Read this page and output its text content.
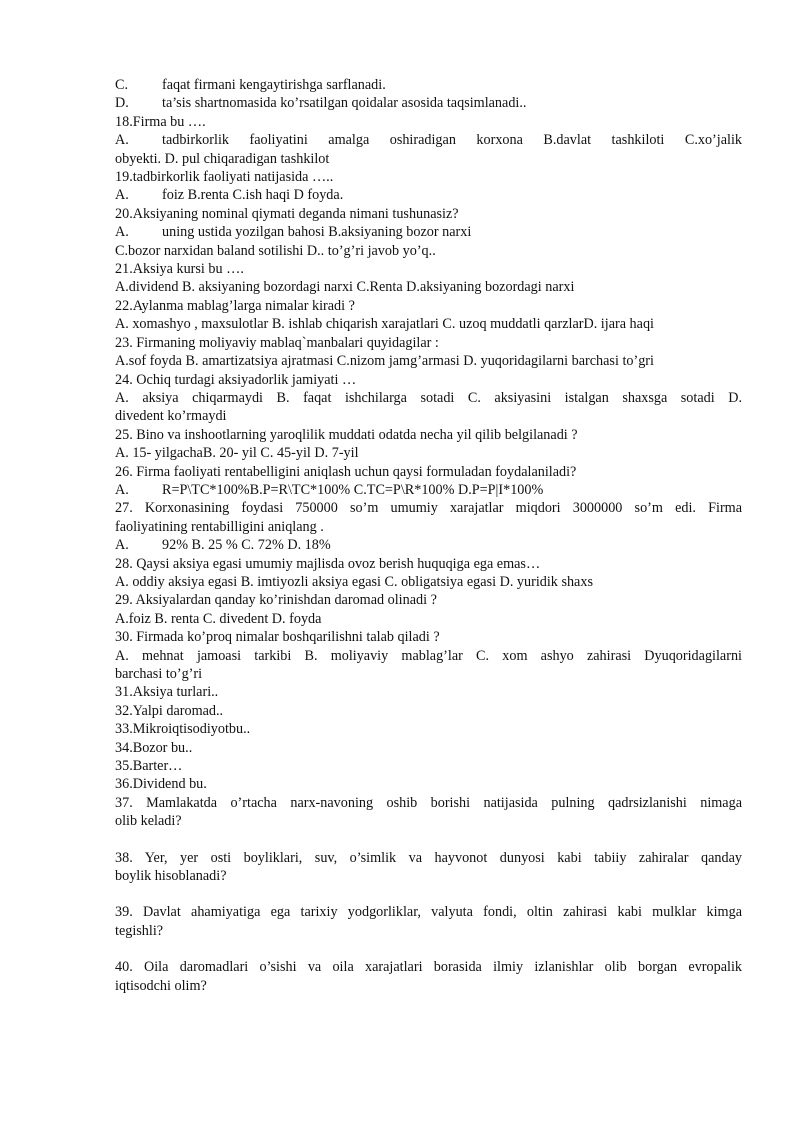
C.	faqat firmani kengaytirishga sarflanadi.
D.	ta’sis shartnomasida ko’rsatilgan qoidalar asosida taqsimlanadi..
18.Firma bu ….
A.	tadbirkorlik faoliyatini amalga oshiradigan korxona B.davlat tashkiloti C.xo’jalik
obyekti. D. pul chiqaradigan tashkilot
19.tadbirkorlik faoliyati natijasida …..
A.	foiz B.renta C.ish haqi D foyda.
20.Aksiyaning nominal qiymati deganda nimani tushunasiz?
A.	uning ustida yozilgan bahosi B.aksiyaning bozor narxi
C.bozor narxidan baland sotilishi D.. to’g’ri javob yo’q..
21.Aksiya kursi bu ….
A.dividend B. aksiyaning bozordagi narxi C.Renta D.aksiyaning bozordagi narxi
22.Aylanma mablag’larga nimalar kiradi ?
A. xomashyo , maxsulotlar B. ishlab chiqarish xarajatlari C. uzoq muddatli qarzlarD. ijara haqi
23. Firmaning moliyaviy mablaq`manbalari quyidagilar :
A.sof foyda B. amartizatsiya ajratmasi C.nizom jamg’armasi D. yuqoridagilarni barchasi to’gri
24. Ochiq turdagi aksiyadorlik jamiyati …
A. aksiya chiqarmaydi B. faqat ishchilarga sotadi C. aksiyasini istalgan shaxsga sotadi D.
divedent ko’rmaydi
25. Bino va inshootlarning yaroqlilik muddati odatda necha yil qilib belgilanadi ?
A. 15- yilgachaB. 20- yil C. 45-yil D. 7-yil
26. Firma faoliyati rentabelligini aniqlash uchun qaysi formuladan foydalaniladi?
A.	R=P\TC*100%B.P=R\TC*100% C.TC=P\R*100% D.P=P|I*100%
27. Korxonasining foydasi 750000 so’m umumiy xarajatlar miqdori 3000000 so’m edi. Firma
faoliyatining rentabilligini aniqlang .
A.	92% B. 25 % C. 72% D. 18%
28. Qaysi aksiya egasi umumiy majlisda ovoz berish huquqiga ega emas…
A. oddiy aksiya egasi B. imtiyozli aksiya egasi C. obligatsiya egasi D. yuridik shaxs
29. Aksiyalardan qanday ko’rinishdan daromad olinadi ?
A.foiz B. renta C. divedent D. foyda
30. Firmada ko’proq nimalar boshqarilishni talab qiladi ?
A. mehnat jamoasi tarkibi B. moliyaviy mablag’lar C. xom ashyo zahirasi Dyuqoridagilarni
barchasi to’g’ri
31.Aksiya turlari..
32.Yalpi daromad..
33.Mikroiqtisodiyotbu..
34.Bozor bu..
35.Barter…
36.Dividend bu.
37. Mamlakatda o’rtacha narx-navoning oshib borishi natijasida pulning qadrsizlanishi nimaga
olib keladi?
38. Yer, yer osti boyliklari, suv, o’simlik va hayvonot dunyosi kabi tabiiy zahiralar qanday
boylik hisoblanadi?
39. Davlat ahamiyatiga ega tarixiy yodgorliklar, valyuta fondi, oltin zahirasi kabi mulklar kimga
tegishli?
40. Oila daromadlari o’sishi va oila xarajatlari borasida ilmiy izlanishlar olib borgan evropalik
iqtisodchi olim?
